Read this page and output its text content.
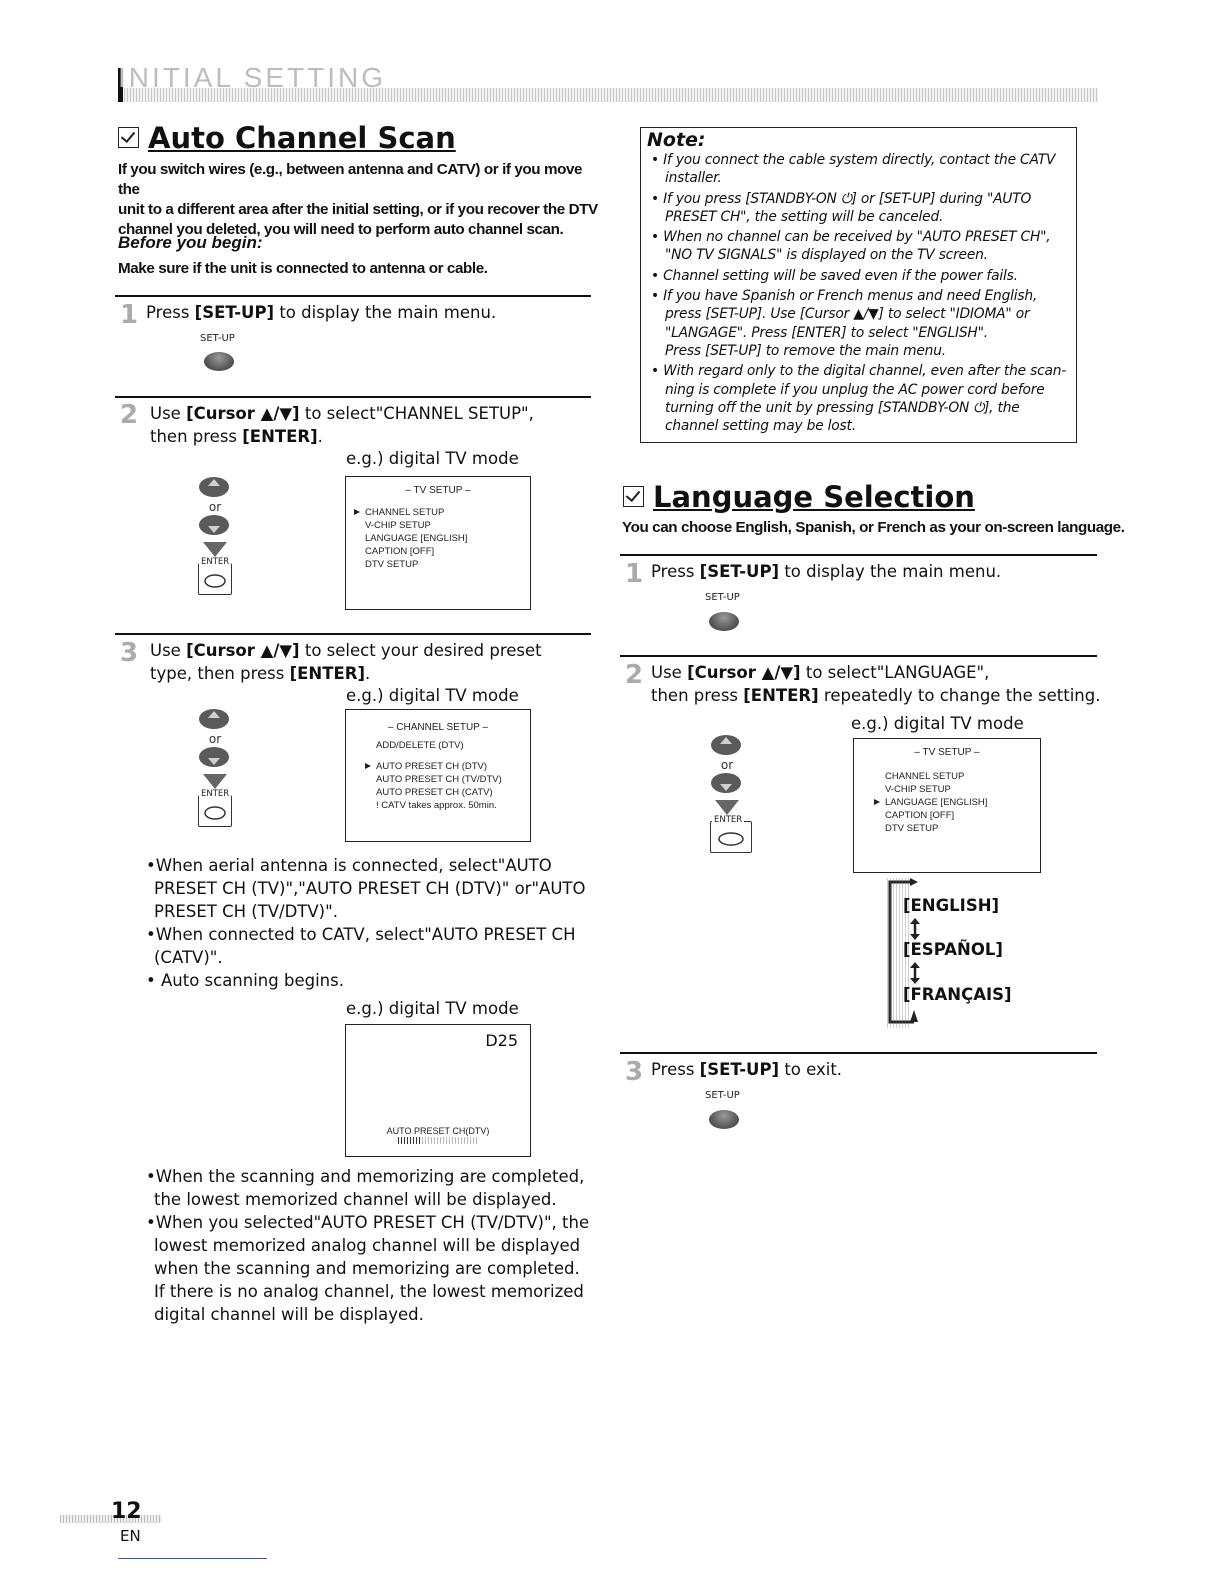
INITIAL SETTING
Auto Channel Scan
If you switch wires (e.g., between antenna and CATV) or if you move the
unit to a different area after the initial setting, or if you recover the DTV
channel you deleted, you will need to perform auto channel scan.
Before you begin:
Make sure if the unit is connected to antenna or cable.
1 Press [SET-UP] to display the main menu.
SET-UP
2 Use [Cursor ▲/▼] to select"CHANNEL SETUP",
then press [ENTER].
e.g.) digital TV mode
or
ENTER
– TV SETUP –
CHANNEL SETUP
V-CHIP SETUP
LANGUAGE [ENGLISH]
CAPTION [OFF]
DTV SETUP
3 Use [Cursor ▲/▼] to select your desired preset
type, then press [ENTER].
e.g.) digital TV mode
or
ENTER
– CHANNEL SETUP –
ADD/DELETE (DTV)
AUTO PRESET CH (DTV)
AUTO PRESET CH (TV/DTV)
AUTO PRESET CH (CATV)
! CATV takes approx. 50min.
•When aerial antenna is connected, select"AUTO
PRESET CH (TV)","AUTO PRESET CH (DTV)" or"AUTO
PRESET CH (TV/DTV)".
•When connected to CATV, select"AUTO PRESET CH
(CATV)".
• Auto scanning begins.
e.g.) digital TV mode
D25
AUTO PRESET CH(DTV)
•When the scanning and memorizing are completed,
the lowest memorized channel will be displayed.
•When you selected"AUTO PRESET CH (TV/DTV)", the
lowest memorized analog channel will be displayed
when the scanning and memorizing are completed.
If there is no analog channel, the lowest memorized
digital channel will be displayed.
Note:
• If you connect the cable system directly, contact the CATV
installer.
• If you press [STANDBY-ON ⏻] or [SET-UP] during "AUTO
PRESET CH", the setting will be canceled.
• When no channel can be received by "AUTO PRESET CH",
"NO TV SIGNALS" is displayed on the TV screen.
• Channel setting will be saved even if the power fails.
• If you have Spanish or French menus and need English,
press [SET-UP]. Use [Cursor ▲/▼] to select "IDIOMA" or
"LANGAGE". Press [ENTER] to select "ENGLISH".
Press [SET-UP] to remove the main menu.
• With regard only to the digital channel, even after the scan-
ning is complete if you unplug the AC power cord before
turning off the unit by pressing [STANDBY-ON ⏻], the
channel setting may be lost.
Language Selection
You can choose English, Spanish, or French as your on-screen language.
1 Press [SET-UP] to display the main menu.
SET-UP
2 Use [Cursor ▲/▼] to select"LANGUAGE",
then press [ENTER] repeatedly to change the setting.
e.g.) digital TV mode
or
ENTER
– TV SETUP –
CHANNEL SETUP
V-CHIP SETUP
LANGUAGE [ENGLISH]
CAPTION [OFF]
DTV SETUP
[ENGLISH]
[ESPAÑOL]
[FRANÇAIS]
3 Press [SET-UP] to exit.
SET-UP
12
EN
